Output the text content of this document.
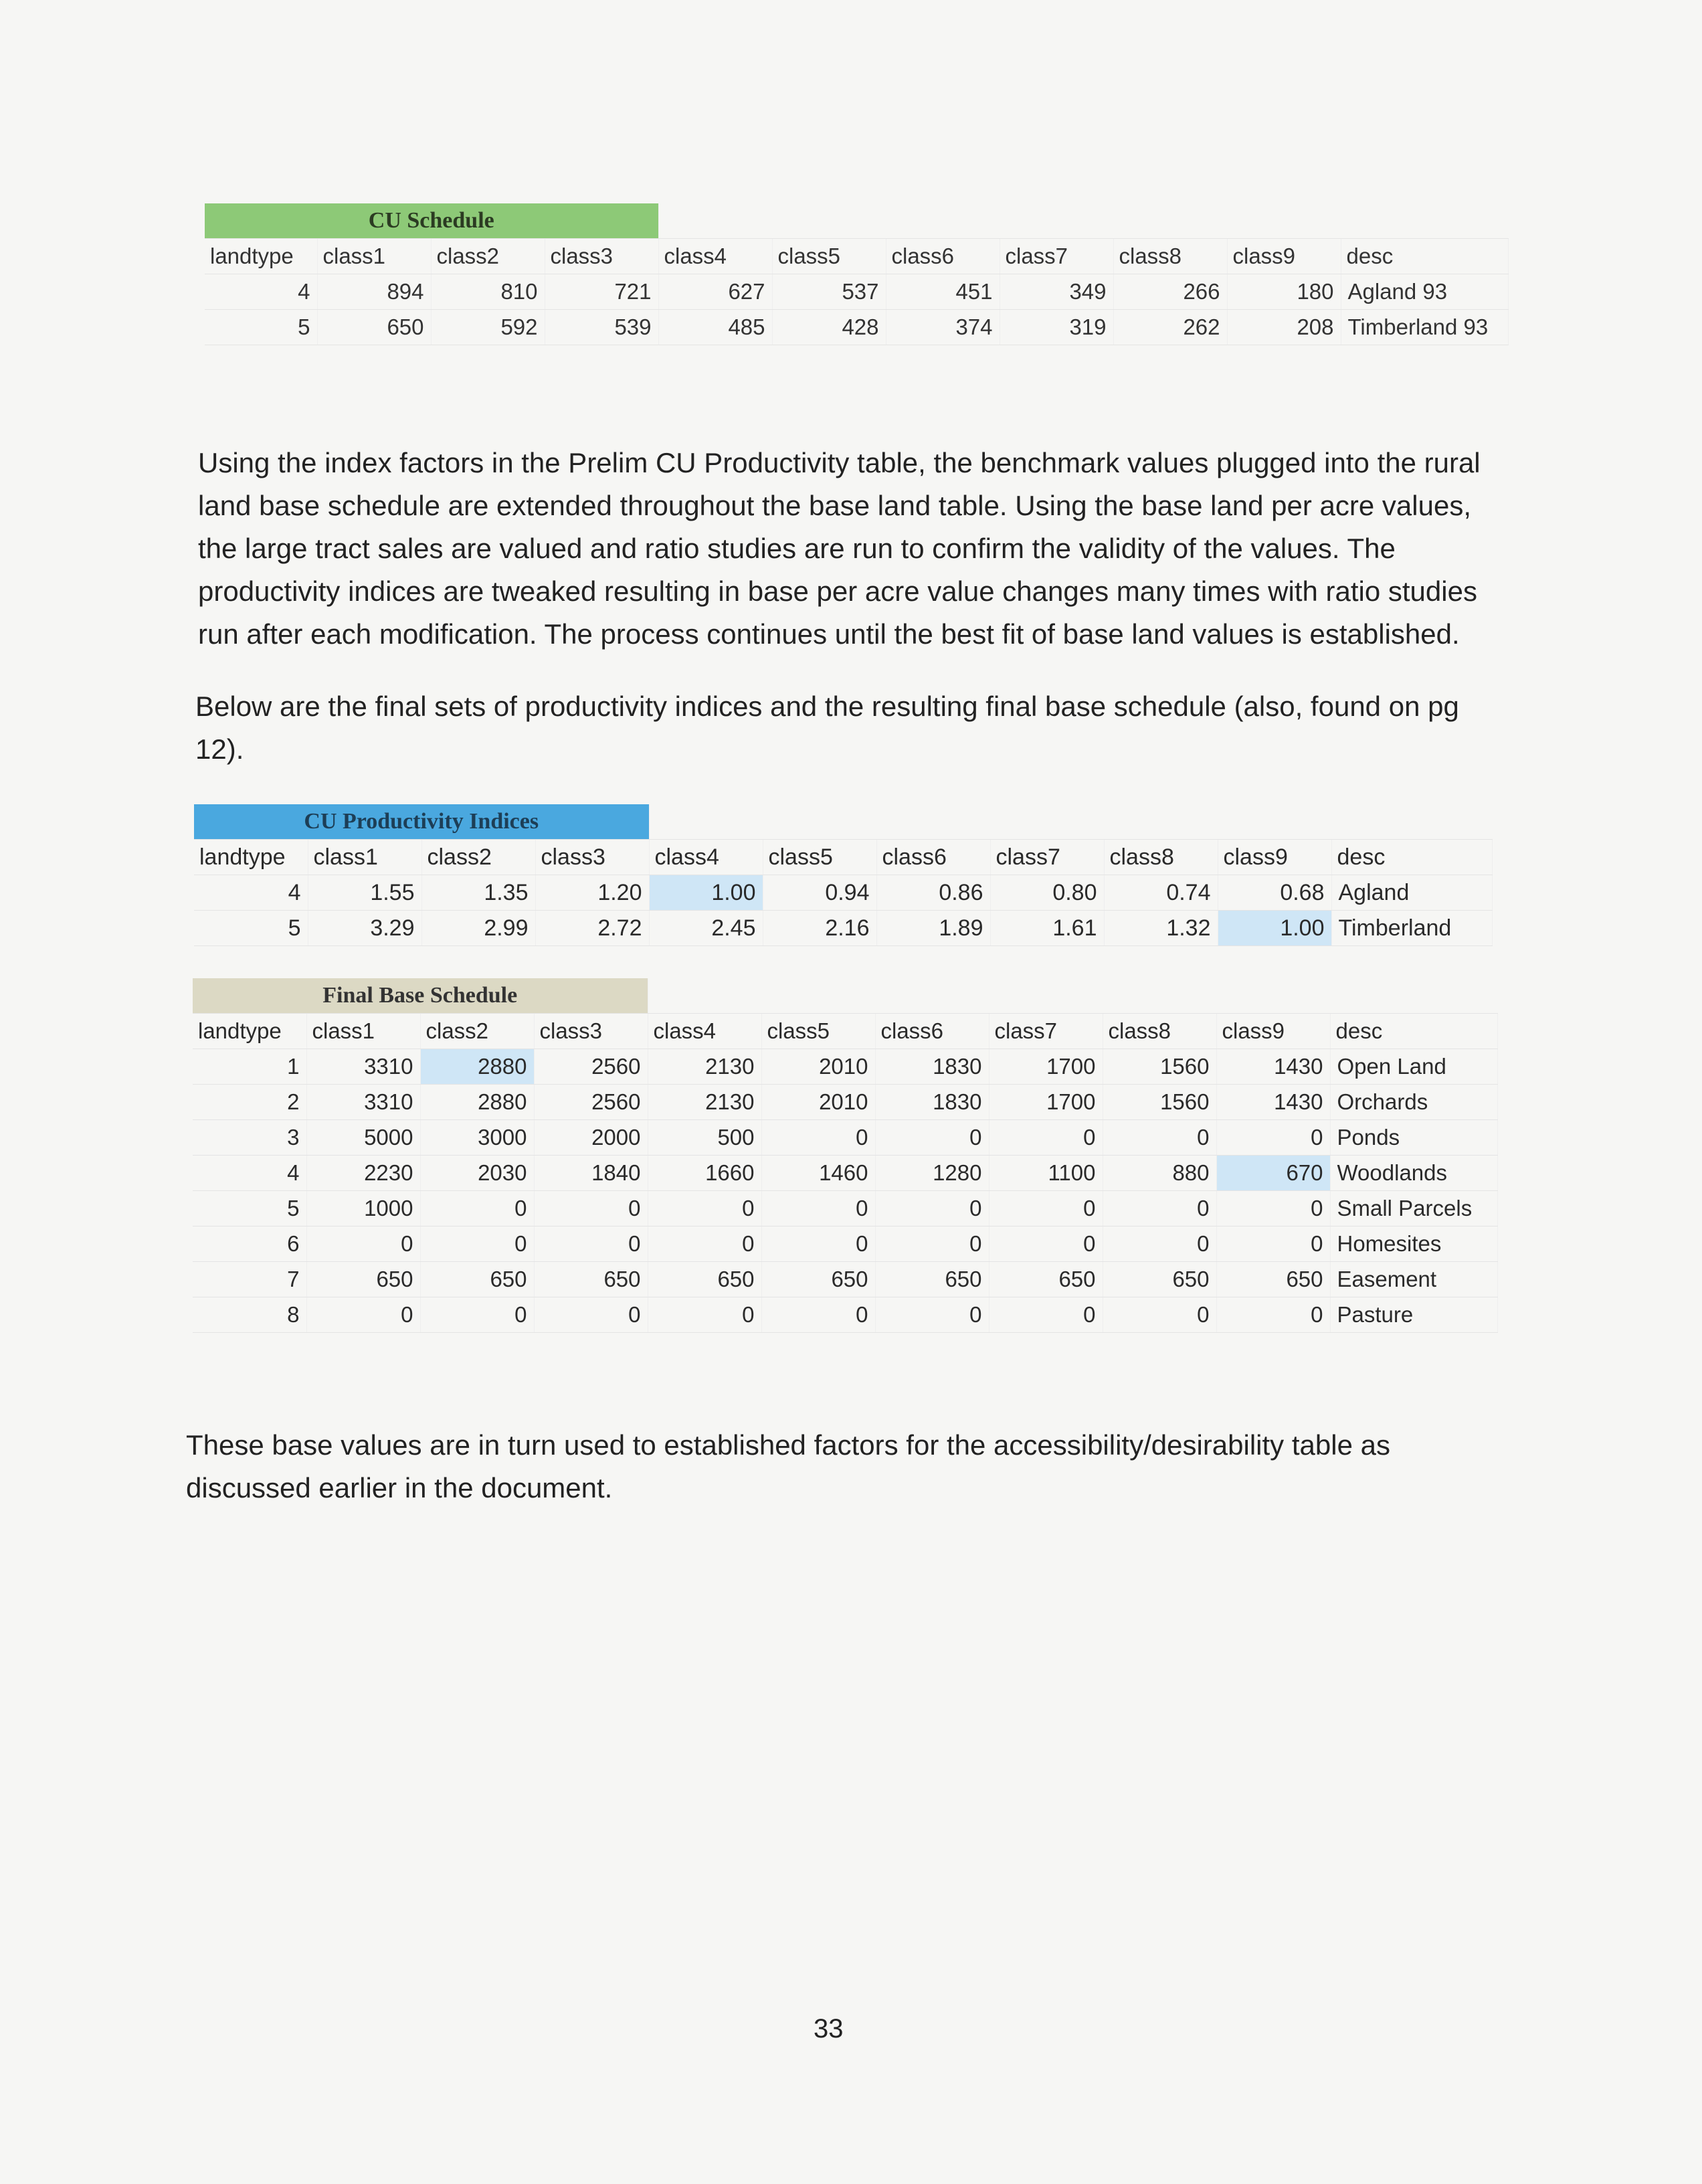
CU Schedule										
landtype	class1	class2	class3	class4	class5	class6	class7	class8	class9	desc
4	894	810	721	627	537	451	349	266	180	Agland 93
5	650	592	539	485	428	374	319	262	208	Timberland 93

Using the index factors in the Prelim CU Productivity table, the benchmark values plugged into the rural land base schedule are extended throughout the base land table. Using the base land per acre values, the large tract sales are valued and ratio studies are run to confirm the validity of the values. The productivity indices are tweaked resulting in base per acre value changes many times with ratio studies run after each modification. The process continues until the best fit of base land values is established.

Below are the final sets of productivity indices and the resulting final base schedule (also, found on pg 12).

CU Productivity Indices										
landtype	class1	class2	class3	class4	class5	class6	class7	class8	class9	desc
4	1.55	1.35	1.20	1.00	0.94	0.86	0.80	0.74	0.68	Agland
5	3.29	2.99	2.72	2.45	2.16	1.89	1.61	1.32	1.00	Timberland
Final Base Schedule										
landtype	class1	class2	class3	class4	class5	class6	class7	class8	class9	desc
1	3310	2880	2560	2130	2010	1830	1700	1560	1430	Open Land
2	3310	2880	2560	2130	2010	1830	1700	1560	1430	Orchards
3	5000	3000	2000	500	0	0	0	0	0	Ponds
4	2230	2030	1840	1660	1460	1280	1100	880	670	Woodlands
5	1000	0	0	0	0	0	0	0	0	Small Parcels
6	0	0	0	0	0	0	0	0	0	Homesites
7	650	650	650	650	650	650	650	650	650	Easement
8	0	0	0	0	0	0	0	0	0	Pasture

These base values are in turn used to established factors for the accessibility/desirability table as discussed earlier in the document.

33
